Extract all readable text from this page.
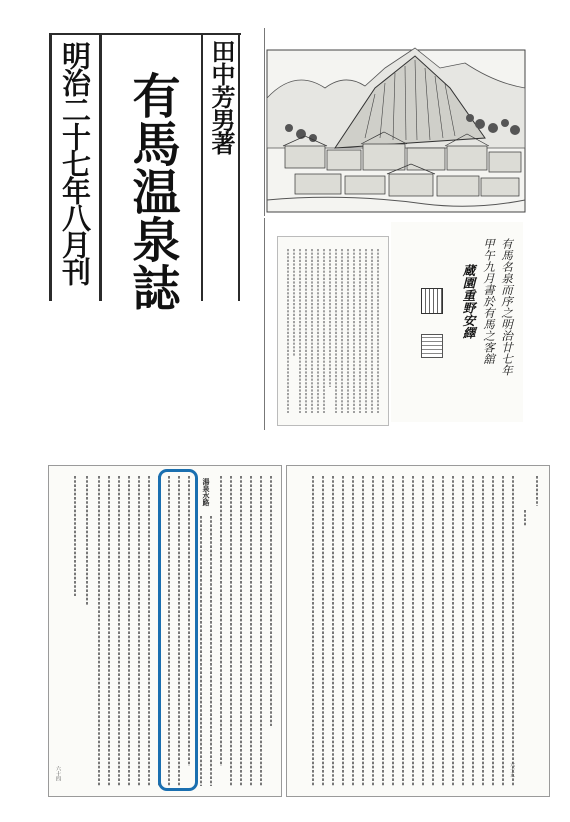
明治二十七年八月刊 有馬温泉誌	田中芳男著
有馬名泉而序之明治廿七年
甲午九月書於有馬之客舘
蔵園重野安繹
湯泉水路
六十四	六十五
